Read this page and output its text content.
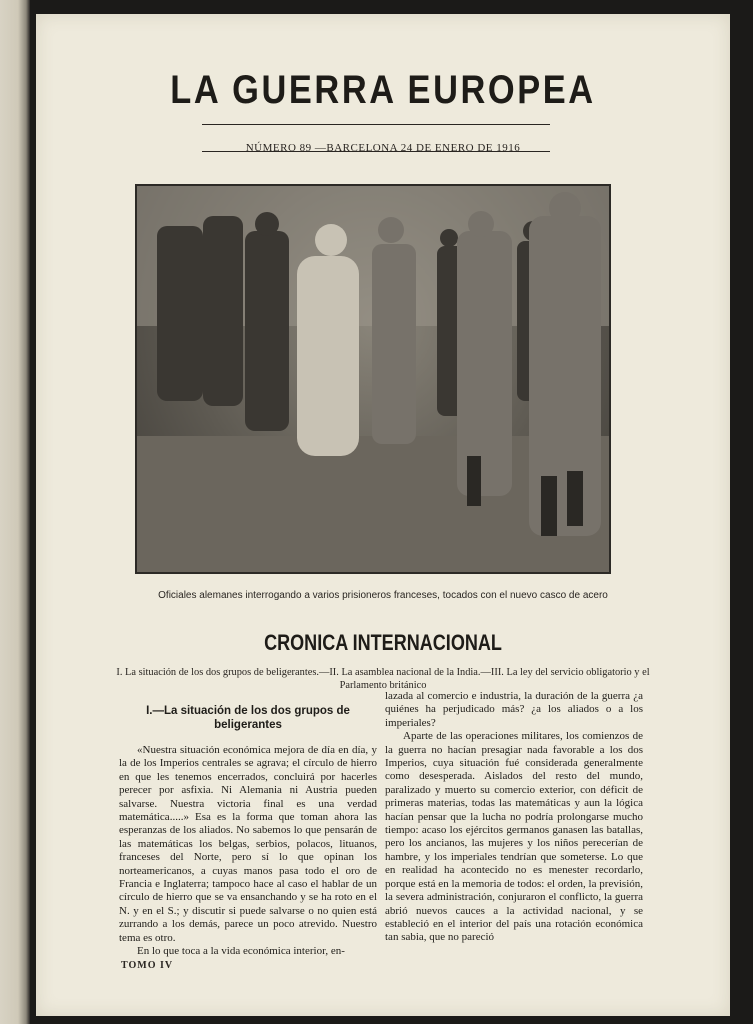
LA GUERRA EUROPEA
NÚMERO 89 —BARCELONA 24 DE ENERO DE 1916
Oficiales alemanes interrogando a varios prisioneros franceses, tocados con el nuevo casco de acero
CRONICA INTERNACIONAL
I. La situación de los dos grupos de beligerantes.—II. La asamblea nacional de la India.—III. La ley del servicio obligatorio y el Parlamento británico

I.—La situación de los dos grupos de beligerantes

«Nuestra situación económica mejora de día en día, y la de los Imperios centrales se agrava; el círculo de hierro en que les tenemos encerrados, concluirá por hacerles perecer por asfixia. Ni Alemania ni Austria pueden salvarse. Nuestra victoria final es una verdad matemática.....» Esa es la forma que toman ahora las esperanzas de los aliados. No sabemos lo que pensarán de las matemáticas los belgas, serbios, polacos, lituanos, franceses del Norte, pero sí lo que opinan los norteamericanos, a cuyas manos pasa todo el oro de Francia e Inglaterra; tampoco hace al caso el hablar de un círculo de hierro que se va ensanchando y se ha roto en el N. y en el S.; y discutir si puede salvarse o no quien está zurrando a los demás, parece un poco atrevido. Nuestro tema es otro.

En lo que toca a la vida económica interior, en-

lazada al comercio e industria, la duración de la guerra ¿a quiénes ha perjudicado más? ¿a los aliados o a los imperiales?

Aparte de las operaciones militares, los comienzos de la guerra no hacían presagiar nada favorable a los dos Imperios, cuya situación fué considerada generalmente como desesperada. Aislados del resto del mundo, paralizado y muerto su comercio exterior, con déficit de primeras materias, todas las matemáticas y aun la lógica hacían pensar que la lucha no podría prolongarse mucho tiempo: acaso los ejércitos germanos ganasen las batallas, pero los ancianos, las mujeres y los niños perecerían de hambre, y los imperiales tendrían que someterse. Lo que en realidad ha acontecido no es menester recordarlo, porque está en la memoria de todos: el orden, la previsión, la severa administración, conjuraron el conflicto, la guerra abrió nuevos cauces a la actividad nacional, y se estableció en el interior del país una rotación económica tan sabia, que no pareció

TOMO IV
